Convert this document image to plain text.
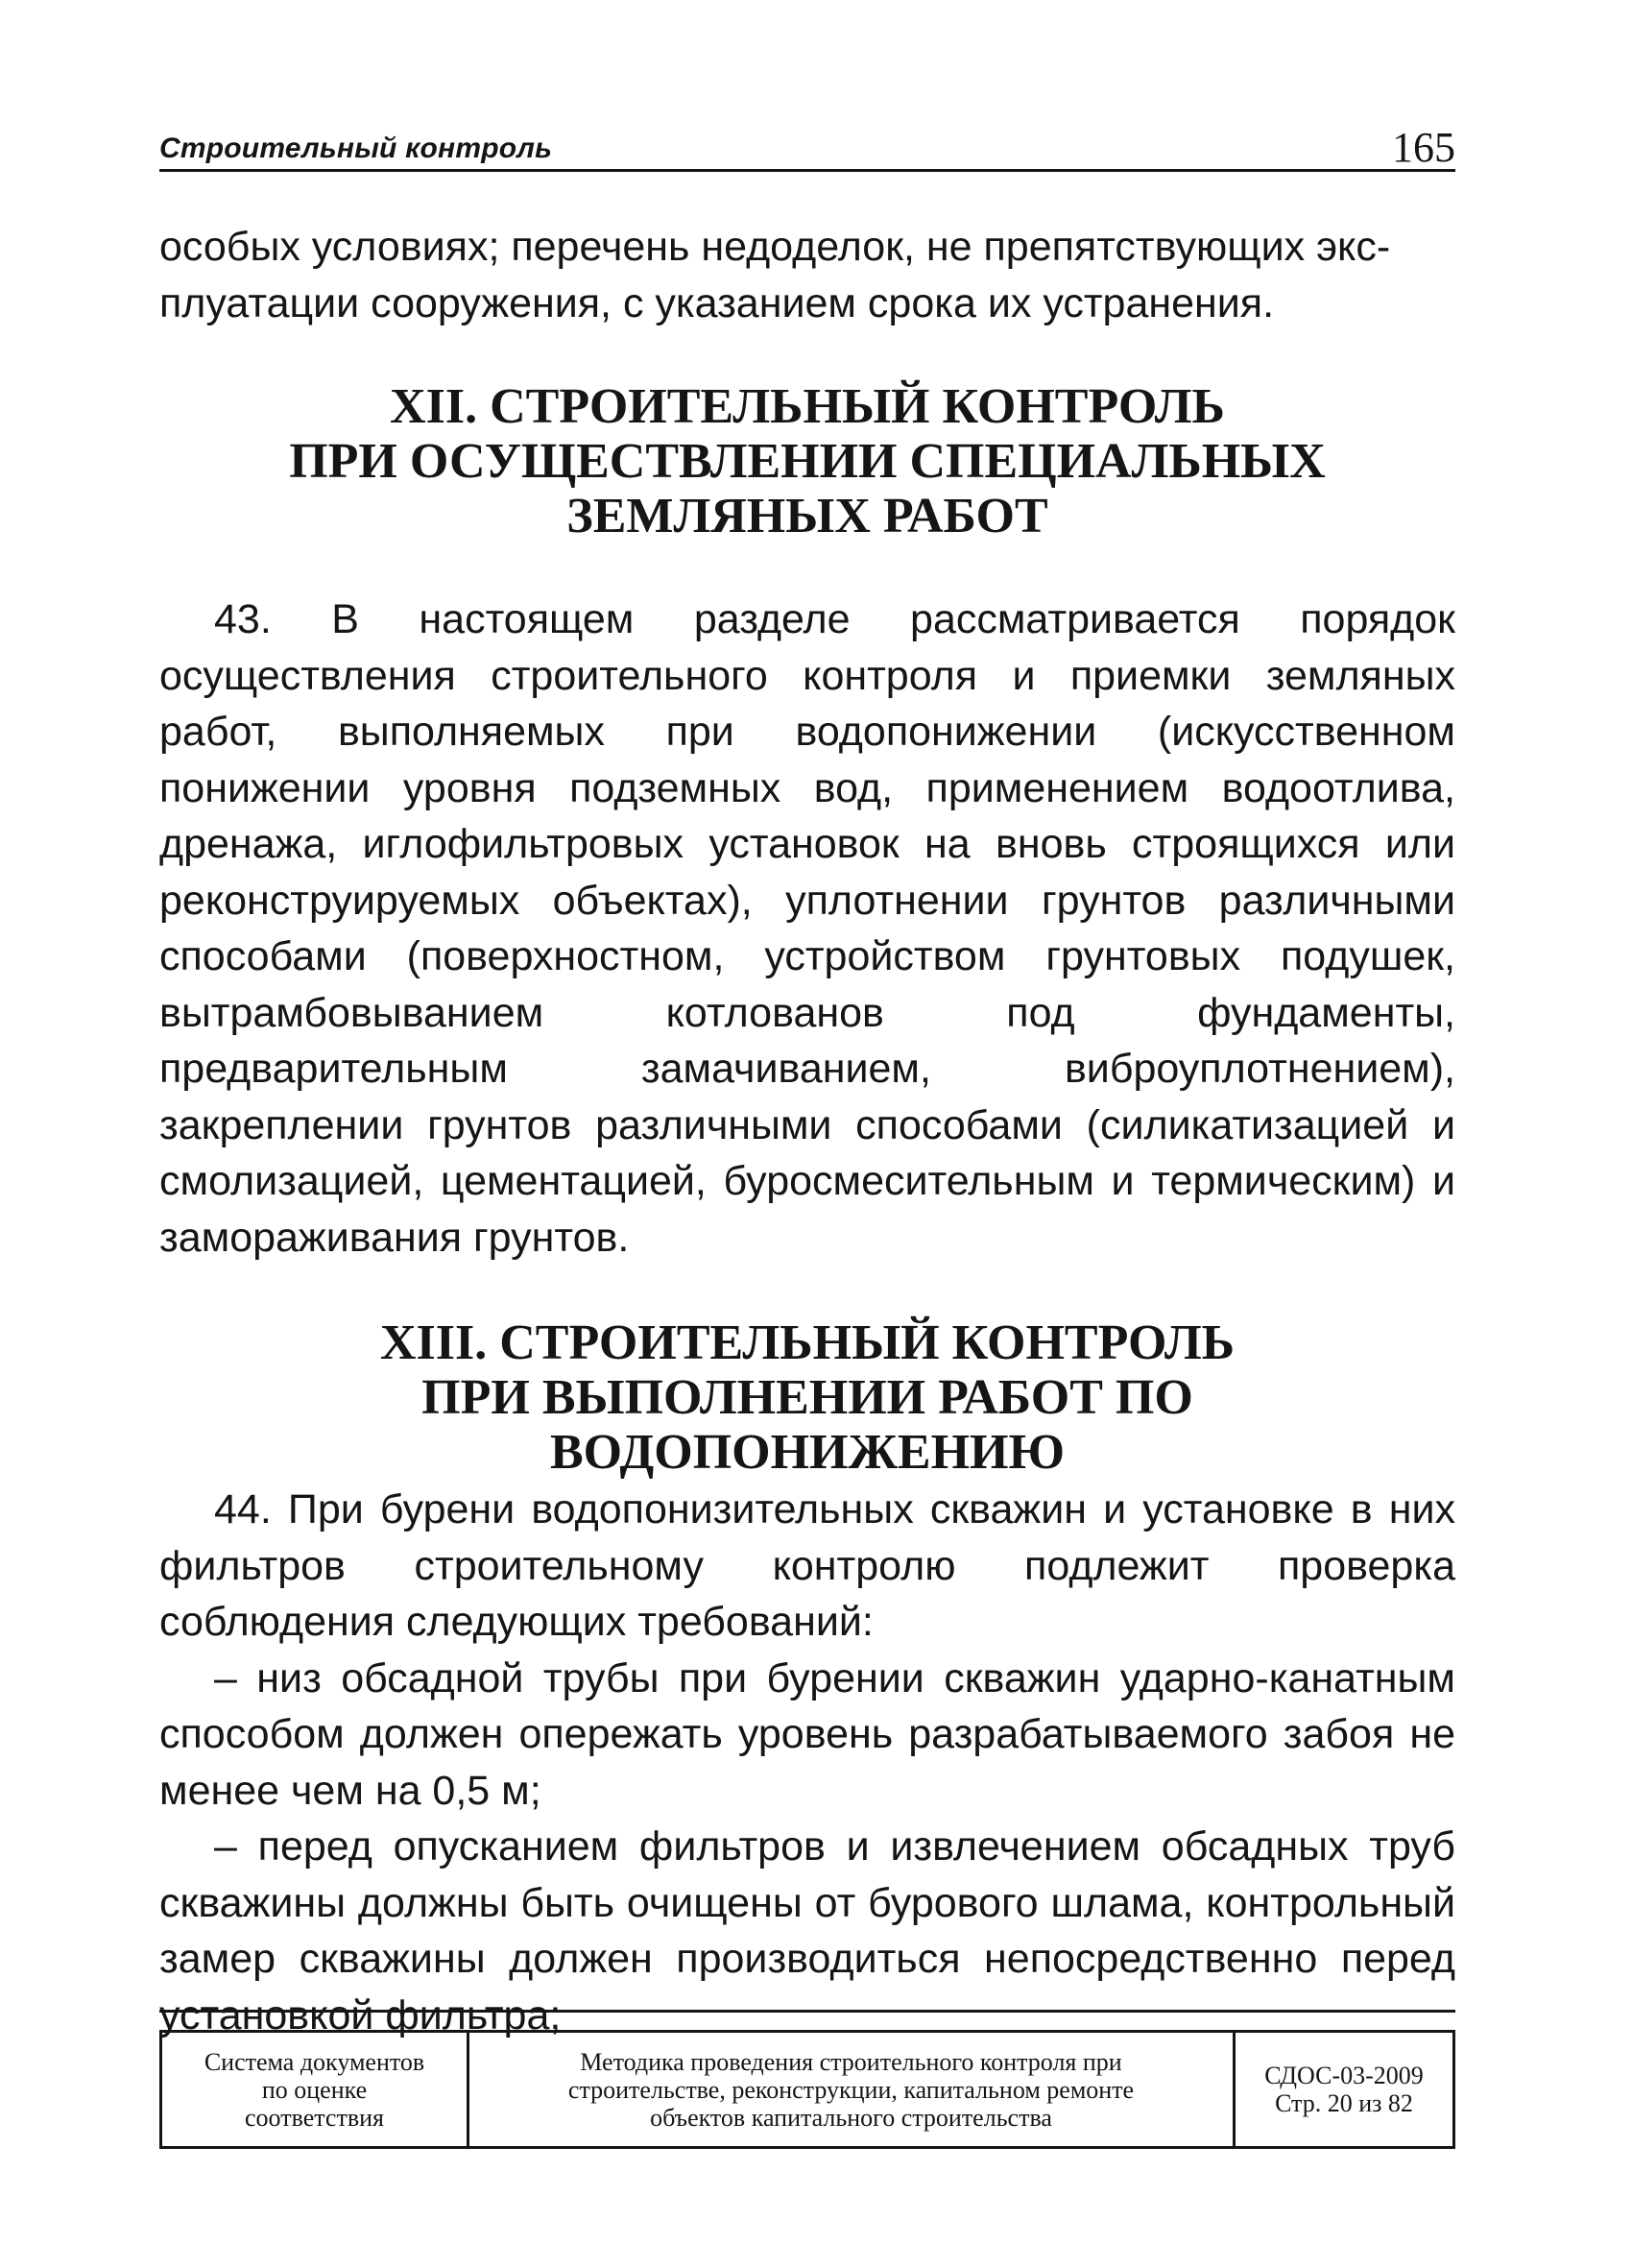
Строительный контроль	165

особых условиях; перечень недоделок, не препятствующих экс-
плуатации сооружения, с указанием срока их устранения.

XII. СТРОИТЕЛЬНЫЙ КОНТРОЛЬ
ПРИ ОСУЩЕСТВЛЕНИИ СПЕЦИАЛЬНЫХ
ЗЕМЛЯНЫХ РАБОТ

43. В настоящем разделе рассматривается порядок осуществления строительного контроля и приемки земляных работ, выполняемых при водопонижении (искусственном понижении уровня подземных вод, применением водоотлива, дренажа, иглофильтровых установок на вновь строящихся или реконструируемых объектах), уплотнении грунтов различными способами (поверхностном, устройством грунтовых подушек, вытрамбовыванием котлованов под фундаменты, предварительным замачиванием, виброуплотнением), закреплении грунтов различными способами (силикатизацией и смолизацией, цементацией, буросмесительным и термическим) и замораживания грунтов.

XIII. СТРОИТЕЛЬНЫЙ КОНТРОЛЬ
ПРИ ВЫПОЛНЕНИИ РАБОТ ПО ВОДОПОНИЖЕНИЮ

44. При бурени водопонизительных скважин и установке в них фильтров строительному контролю подлежит проверка соблюдения следующих требований:

– низ обсадной трубы при бурении скважин ударно-канатным способом должен опережать уровень разрабатываемого забоя не менее чем на 0,5 м;

– перед опусканием фильтров и извлечением обсадных труб скважины должны быть очищены от бурового шлама, контрольный замер скважины должен производиться непосредственно перед установкой фильтра;

Система документов
по оценке
соответствия
Методика проведения строительного контроля при
строительстве, реконструкции, капитальном ремонте
объектов капитального строительства
СДОС-03-2009
Стр. 20 из 82
